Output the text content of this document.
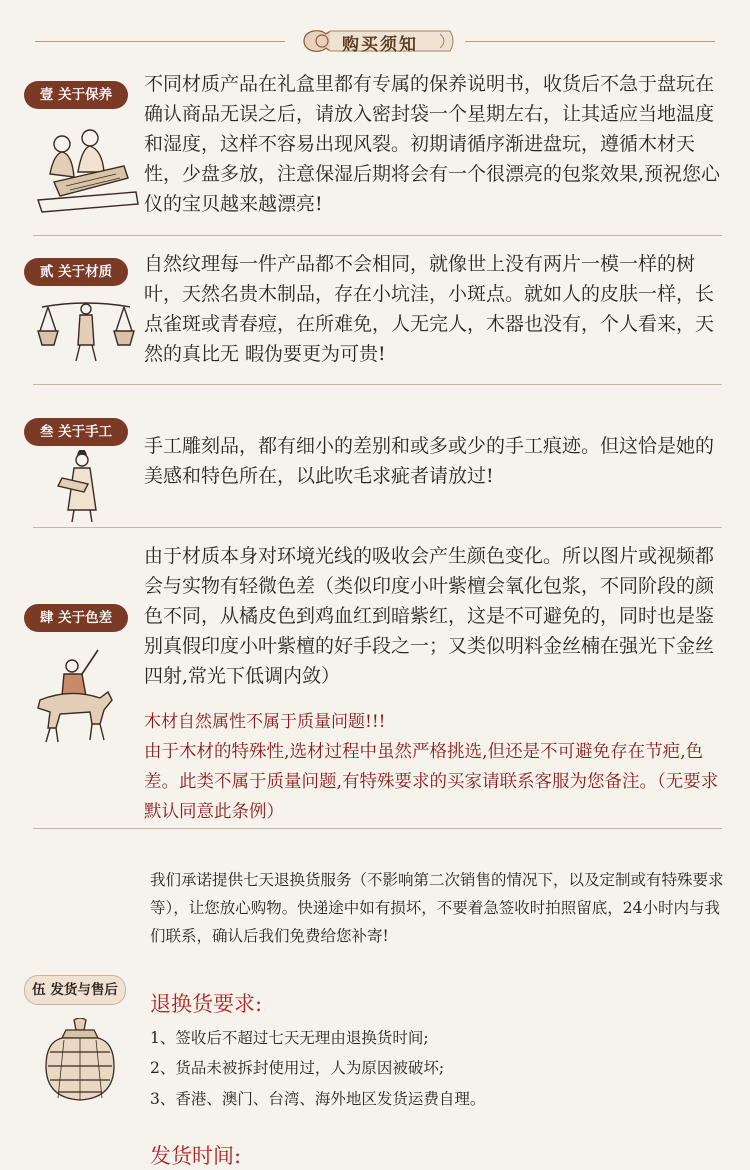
购买须知
壹 关于保养	不同材质产品在礼盒里都有专属的保养说明书，收货后不急于盘玩在确认商品无误之后，请放入密封袋一个星期左右，让其适应当地温度和湿度，这样不容易出现风裂。初期请循序渐进盘玩，遵循木材天性，少盘多放，注意保湿后期将会有一个很漂亮的包浆效果,预祝您心仪的宝贝越来越漂亮!
贰 关于材质	自然纹理每一件产品都不会相同，就像世上没有两片一模一样的树叶，天然名贵木制品，存在小坑洼，小斑点。就如人的皮肤一样，长点雀斑或青春痘，在所难免，人无完人，木器也没有，个人看来，天然的真比无 暇伪要更为可贵!
叁 关于手工
手工雕刻品，都有细小的差别和或多或少的手工痕迹。但这恰是她的美感和特色所在，以此吹毛求疵者请放过!
肆 关于色差
由于材质本身对环境光线的吸收会产生颜色变化。所以图片或视频都会与实物有轻微色差（类似印度小叶紫檀会氧化包浆，不同阶段的颜色不同，从橘皮色到鸡血红到暗紫红，这是不可避免的，同时也是鉴别真假印度小叶紫檀的好手段之一；又类似明料金丝楠在强光下金丝四射,常光下低调内敛）
木材自然属性不属于质量问题!!!
由于木材的特殊性,选材过程中虽然严格挑选,但还是不可避免存在节疤,色差。此类不属于质量问题,有特殊要求的买家请联系客服为您备注。（无要求默认同意此条例）
我们承诺提供七天退换货服务（不影响第二次销售的情况下，以及定制或有特殊要求等），让您放心购物。快递途中如有损坏，不要着急签收时拍照留底，24小时内与我们联系，确认后我们免费给您补寄!
伍 发货与售后
退换货要求:
1、签收后不超过七天无理由退换货时间;
2、货品未被拆封使用过，人为原因被破坏;
3、香港、澳门、台湾、海外地区发货运费自理。
发货时间:
